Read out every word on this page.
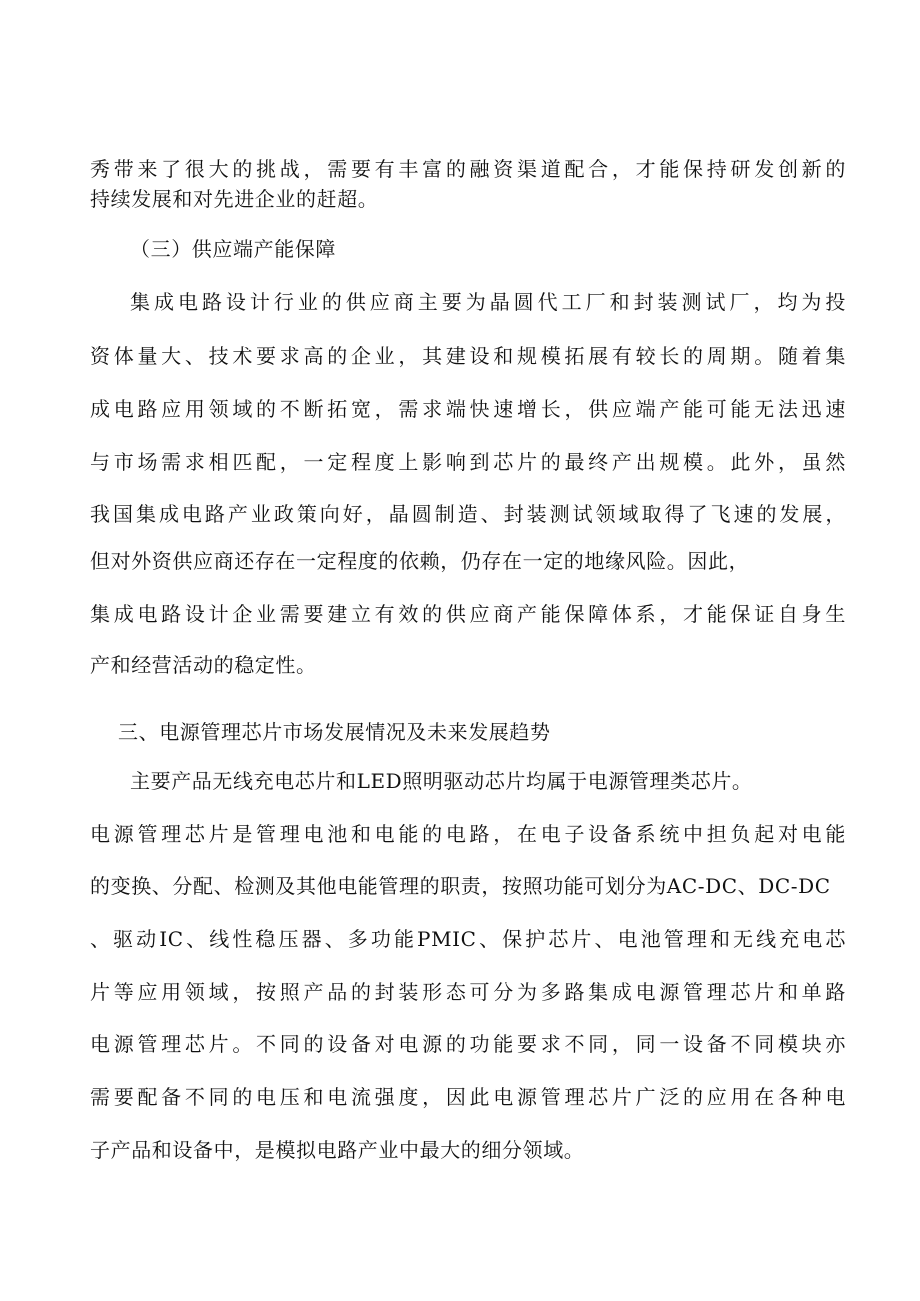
秀带来了很大的挑战，需要有丰富的融资渠道配合，才能保持研发创新的
持续发展和对先进企业的赶超。
（三）供应端产能保障
集成电路设计行业的供应商主要为晶圆代工厂和封装测试厂，均为投
资体量大、技术要求高的企业，其建设和规模拓展有较长的周期。随着集
成电路应用领域的不断拓宽，需求端快速增长，供应端产能可能无法迅速
与市场需求相匹配，一定程度上影响到芯片的最终产出规模。此外，虽然
我国集成电路产业政策向好，晶圆制造、封装测试领域取得了飞速的发展，
但对外资供应商还存在一定程度的依赖，仍存在一定的地缘风险。因此，
集成电路设计企业需要建立有效的供应商产能保障体系，才能保证自身生
产和经营活动的稳定性。
三、电源管理芯片市场发展情况及未来发展趋势
主要产品无线充电芯片和LED照明驱动芯片均属于电源管理类芯片。
电源管理芯片是管理电池和电能的电路，在电子设备系统中担负起对电能
的变换、分配、检测及其他电能管理的职责，按照功能可划分为AC-DC、DC-DC
、驱动IC、线性稳压器、多功能PMIC、保护芯片、电池管理和无线充电芯
片等应用领域，按照产品的封装形态可分为多路集成电源管理芯片和单路
电源管理芯片。不同的设备对电源的功能要求不同，同一设备不同模块亦
需要配备不同的电压和电流强度，因此电源管理芯片广泛的应用在各种电
子产品和设备中，是模拟电路产业中最大的细分领域。
